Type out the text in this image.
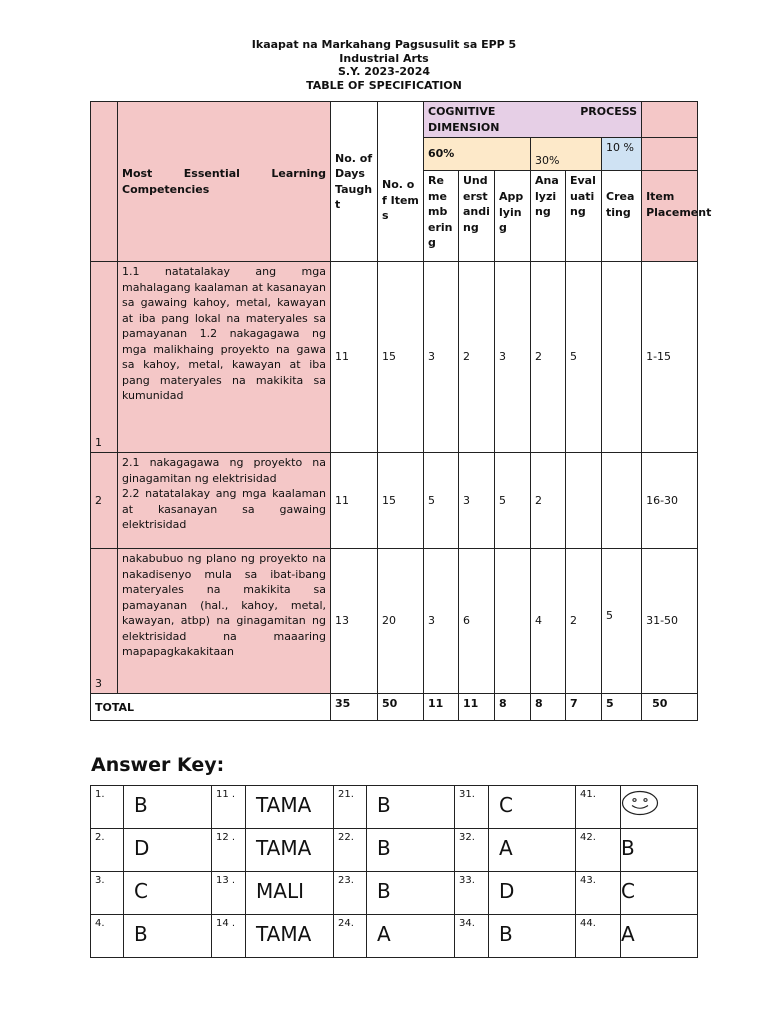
Ikaapat na Markahang Pagsusulit sa EPP 5
Industrial Arts
S.Y. 2023-2024
TABLE OF SPECIFICATION
	Most Essential Learning Competencies	No. of Days Taught	No. of Items	COGNITIVE PROCESS
DIMENSION						

				60%			30%		10 %	
				Remembering	Understanding	Applying	Analyzing	Evaluating	Creating	Item Placement
1	1.1 natatalakay ang mga mahalagang kaalaman at kasanayan sa gawaing kahoy, metal, kawayan at iba pang lokal na materyales sa pamayanan 1.2 nakagagawa ng mga malikhaing proyekto na gawa sa kahoy, metal, kawayan at iba pang materyales na makikita sa kumunidad	11	15	3	2	3	2	5		1-15
2	2.1 nakagagawa ng proyekto na ginagamitan ng elektrisidad
2.2 natatalakay ang mga kaalaman at kasanayan sa gawaing elektrisidad	11	15	5	3	5	2			16-30
3	nakabubuo ng plano ng proyekto na nakadisenyo mula sa ibat-ibang materyales na makikita sa pamayanan (hal., kahoy, metal, kawayan, atbp) na ginagamitan ng elektrisidad na maaaring mapapagkakakitaan	13	20	3	6		4	2	5	31-50
TOTAL		35	50	11	11	8	8	7	5	50
Answer Key:
1.	B	11 .	TAMA	21.	B	31.	C	41.	
2.	D	12 .	TAMA	22.	B	32.	A	42.	B
3.	C	13 .	MALI	23.	B	33.	D	43.	C
4.	B	14 .	TAMA	24.	A	34.	B	44.	A
